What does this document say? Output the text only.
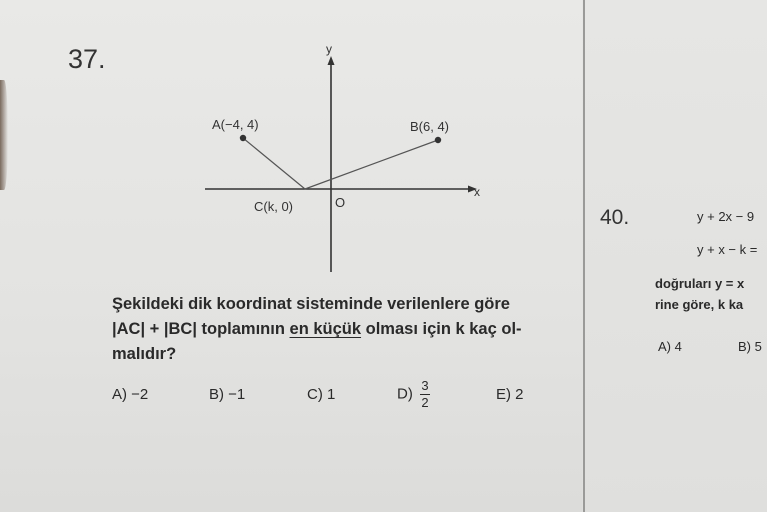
37.	y
x
O
A(−4, 4)	B(6, 4)
C(k, 0)
Şekildeki dik koordinat sisteminde verilenlere göre
|AC| + |BC| toplamının en küçük olması için k kaç ol-
malıdır?
A) −2	B) −1	C) 1	$D) \frac{3}{2}$	E) 2
40.	y + 2x − 9
y + x − k =
doğruları y = x
rine göre, k ka
A) 4	B) 5
